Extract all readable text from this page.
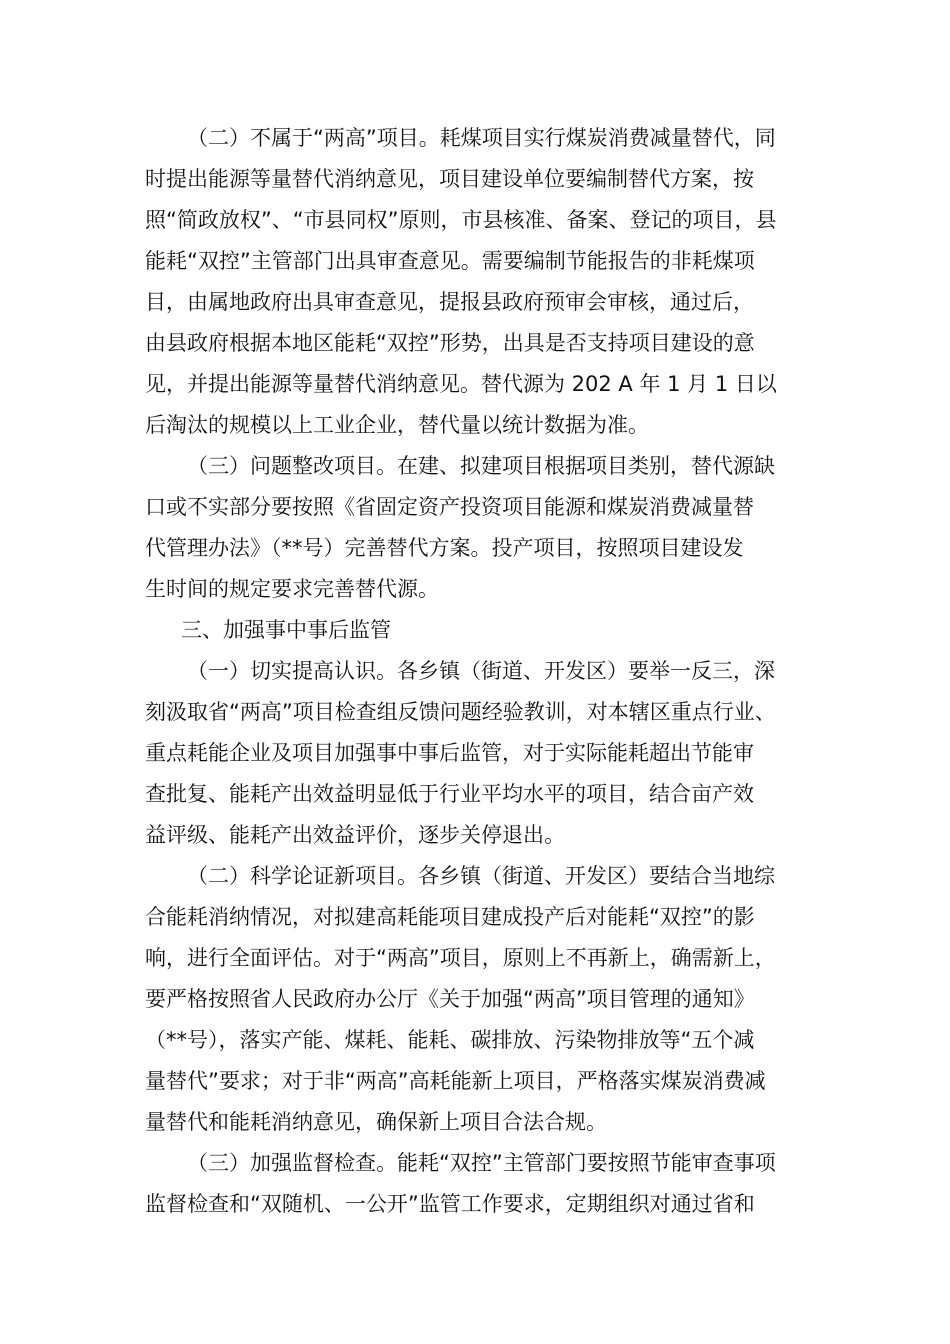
（二）不属于“两高”项目。耗煤项目实行煤炭消费减量替代，同
时提出能源等量替代消纳意见，项目建设单位要编制替代方案，按
照“简政放权”、“市县同权”原则，市县核准、备案、登记的项目，县
能耗“双控”主管部门出具审查意见。需要编制节能报告的非耗煤项
目，由属地政府出具审查意见，提报县政府预审会审核，通过后，
由县政府根据本地区能耗“双控”形势，出具是否支持项目建设的意
见，并提出能源等量替代消纳意见。替代源为 202 A 年 1 月 1 日以
后淘汰的规模以上工业企业，替代量以统计数据为准。
（三）问题整改项目。在建、拟建项目根据项目类别，替代源缺
口或不实部分要按照《省固定资产投资项目能源和煤炭消费减量替
代管理办法》（**号）完善替代方案。投产项目，按照项目建设发
生时间的规定要求完善替代源。
三、加强事中事后监管
（一）切实提高认识。各乡镇（街道、开发区）要举一反三，深
刻汲取省“两高”项目检查组反馈问题经验教训，对本辖区重点行业、
重点耗能企业及项目加强事中事后监管，对于实际能耗超出节能审
查批复、能耗产出效益明显低于行业平均水平的项目，结合亩产效
益评级、能耗产出效益评价，逐步关停退出。
（二）科学论证新项目。各乡镇（街道、开发区）要结合当地综
合能耗消纳情况，对拟建高耗能项目建成投产后对能耗“双控”的影
响，进行全面评估。对于“两高”项目，原则上不再新上，确需新上，
要严格按照省人民政府办公厅《关于加强“两高”项目管理的通知》
（**号），落实产能、煤耗、能耗、碳排放、污染物排放等“五个减
量替代”要求；对于非“两高”高耗能新上项目，严格落实煤炭消费减
量替代和能耗消纳意见，确保新上项目合法合规。
（三）加强监督检查。能耗“双控”主管部门要按照节能审查事项
监督检查和“双随机、一公开”监管工作要求，定期组织对通过省和
